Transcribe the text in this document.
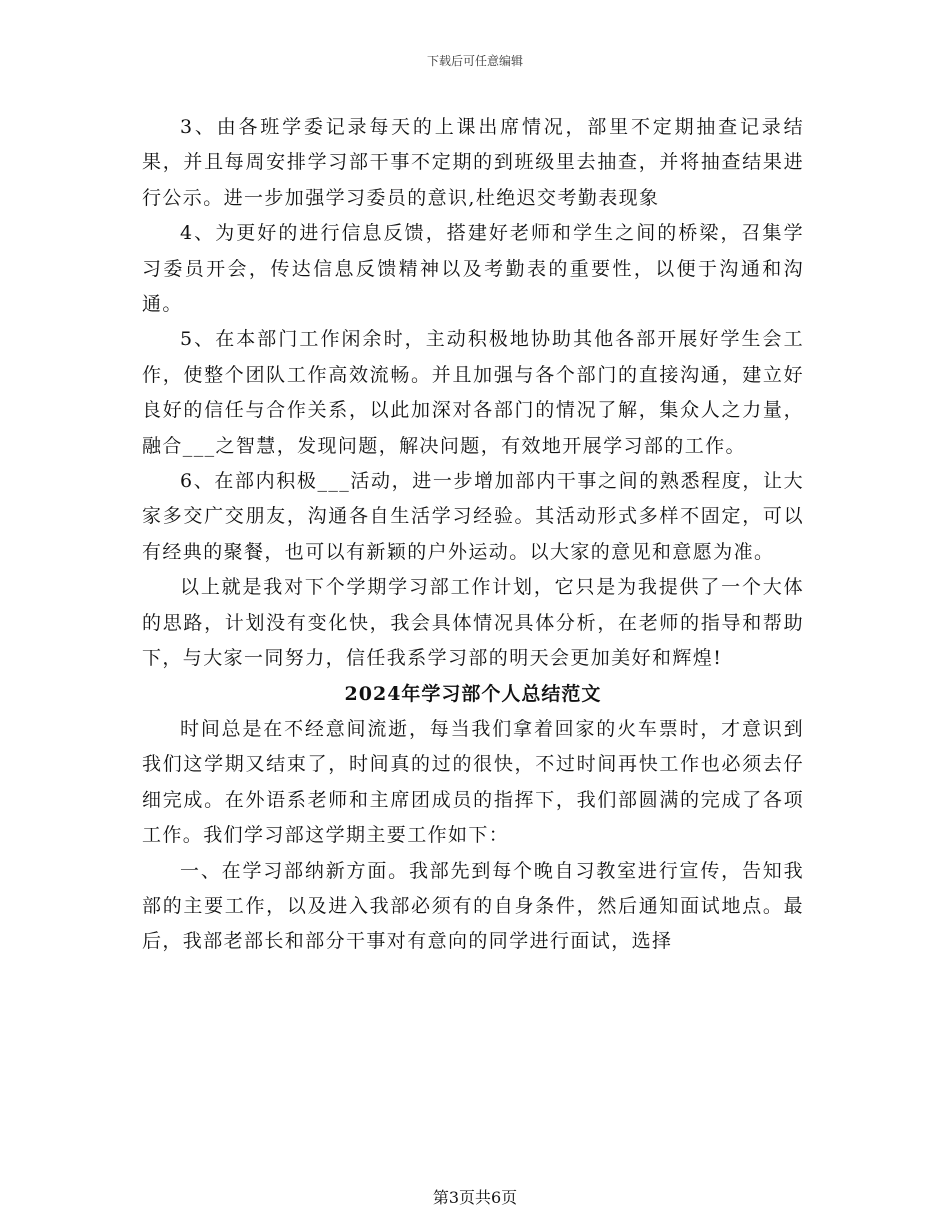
下载后可任意编辑

3、由各班学委记录每天的上课出席情况，部里不定期抽查记录结果，并且每周安排学习部干事不定期的到班级里去抽查，并将抽查结果进行公示。进一步加强学习委员的意识,杜绝迟交考勤表现象

4、为更好的进行信息反馈，搭建好老师和学生之间的桥梁，召集学习委员开会，传达信息反馈精神以及考勤表的重要性，以便于沟通和沟通。

5、在本部门工作闲余时，主动积极地协助其他各部开展好学生会工作，使整个团队工作高效流畅。并且加强与各个部门的直接沟通，建立好良好的信任与合作关系，以此加深对各部门的情况了解，集众人之力量，融合___之智慧，发现问题，解决问题，有效地开展学习部的工作。

6、在部内积极___活动，进一步增加部内干事之间的熟悉程度，让大家多交广交朋友，沟通各自生活学习经验。其活动形式多样不固定，可以有经典的聚餐，也可以有新颖的户外运动。以大家的意见和意愿为准。

以上就是我对下个学期学习部工作计划，它只是为我提供了一个大体的思路，计划没有变化快，我会具体情况具体分析，在老师的指导和帮助下，与大家一同努力，信任我系学习部的明天会更加美好和辉煌!

2024年学习部个人总结范文

时间总是在不经意间流逝，每当我们拿着回家的火车票时，才意识到我们这学期又结束了，时间真的过的很快，不过时间再快工作也必须去仔细完成。在外语系老师和主席团成员的指挥下，我们部圆满的完成了各项工作。我们学习部这学期主要工作如下：

一、在学习部纳新方面。我部先到每个晚自习教室进行宣传，告知我部的主要工作，以及进入我部必须有的自身条件，然后通知面试地点。最后，我部老部长和部分干事对有意向的同学进行面试，选择

第3页共6页
